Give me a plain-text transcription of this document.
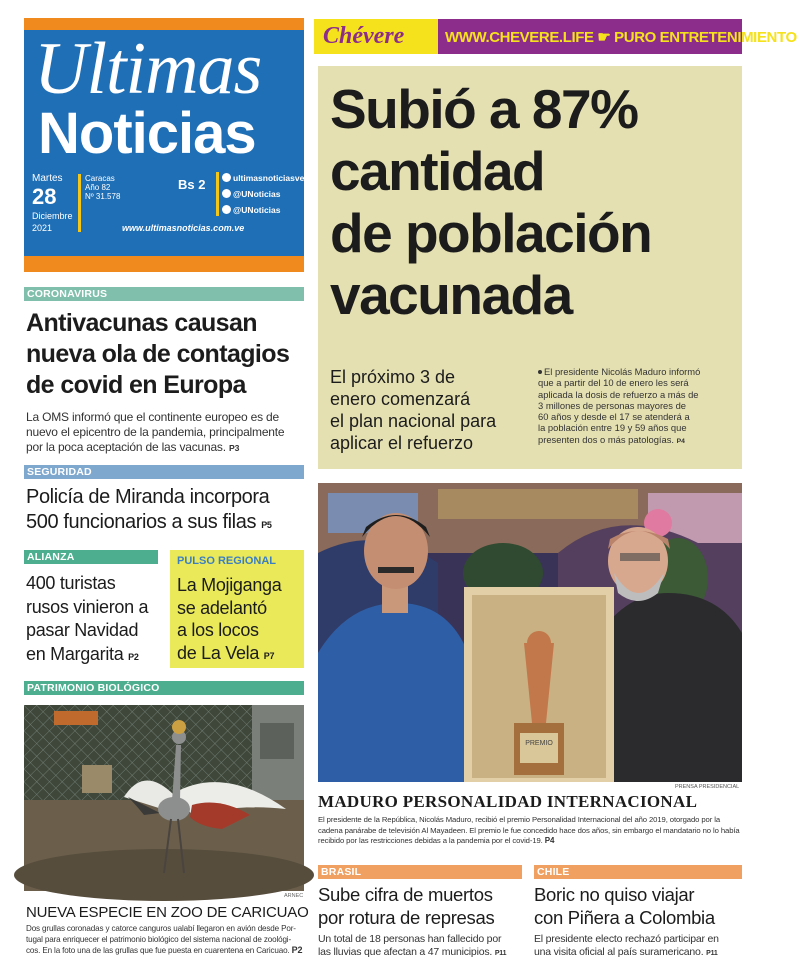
Ultimas
Noticias
Martes
28
Diciembre
2021
Caracas
Año 82
Nº 31.578
Bs 2	ultimasnoticiasve
@UNoticias
@UNoticias
www.ultimasnoticias.com.ve
Chévere	WWW.CHEVERE.LIFE ☛ PURO ENTRETENIMIENTO
Subió a 87%
cantidad
de población
vacunada
El próximo 3 de
enero comenzará
el plan nacional para
aplicar el refuerzo
El presidente Nicolás Maduro informó
que a partir del 10 de enero les será
aplicada la dosis de refuerzo a más de
3 millones de personas mayores de
60 años y desde el 17 se atenderá a
la población entre 19 y 59 años que
presenten dos o más patologías. P4
CORONAVIRUS
Antivacunas causan
nueva ola de contagios
de covid en Europa
La OMS informó que el continente europeo es de
nuevo el epicentro de la pandemia, principalmente
por la poca aceptación de las vacunas. P3
SEGURIDAD
Policía de Miranda incorpora
500 funcionarios a sus filas P5
ALIANZA
400 turistas
rusos vinieron a
pasar Navidad
en Margarita P2
PULSO REGIONAL
La Mojiganga
se adelantó
a los locos
de La Vela P7
PATRIMONIO BIOLÓGICO
ARNEC
NUEVA ESPECIE EN ZOO DE CARICUAO
Dos grullas coronadas y catorce canguros ualabí llegaron en avión desde Por-
tugal para enriquecer el patrimonio biológico del sistema nacional de zoológi-
cos. En la foto una de las grullas que fue puesta en cuarentena en Caricuao. P2
PREMIO
PRENSA PRESIDENCIAL
MADURO PERSONALIDAD INTERNACIONAL
El presidente de la República, Nicolás Maduro, recibió el premio Personalidad Internacional del año 2019, otorgado por la
cadena panárabe de televisión Al Mayadeen. El premio le fue concedido hace dos años, sin embargo el mandatario no lo había
recibido por las restricciones debidas a la pandemia por el covid-19. P4
BRASIL
Sube cifra de muertos
por rotura de represas
Un total de 18 personas han fallecido por
las lluvias que afectan a 47 municipios. P11
CHILE
Boric no quiso viajar
con Piñera a Colombia
El presidente electo rechazó participar en
una visita oficial al país suramericano. P11
